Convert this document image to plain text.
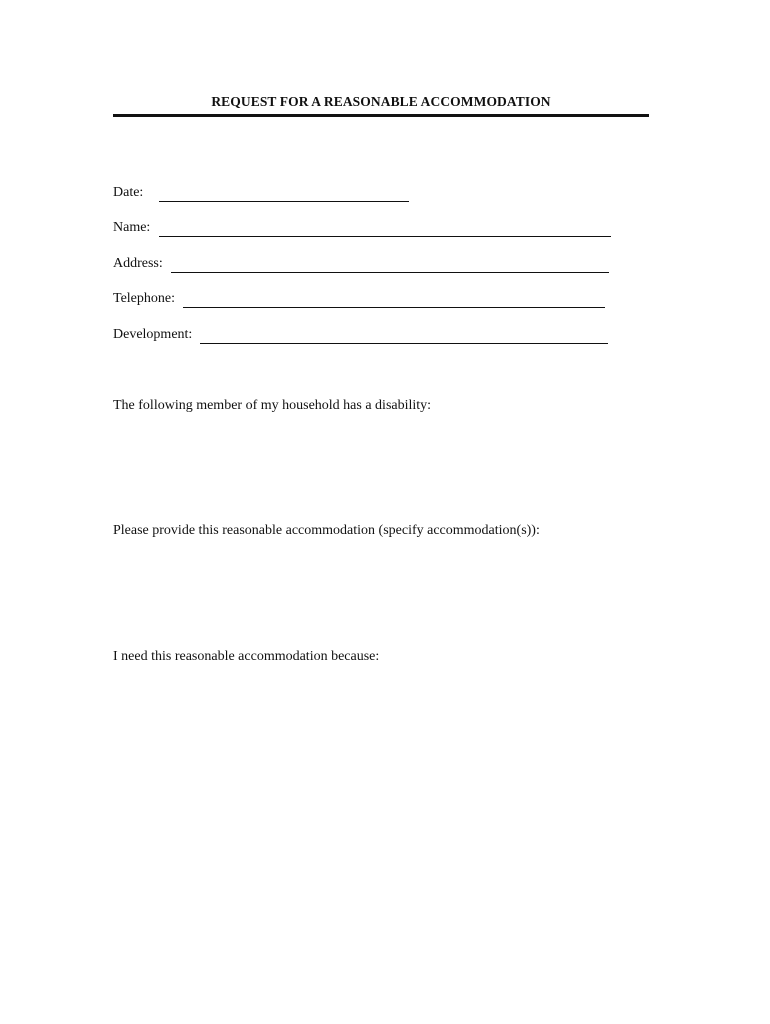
REQUEST FOR A REASONABLE ACCOMMODATION
Date:
Name:
Address:
Telephone:
Development:
The following member of my household has a disability:
Please provide this reasonable accommodation (specify accommodation(s)):
I need this reasonable accommodation because:
